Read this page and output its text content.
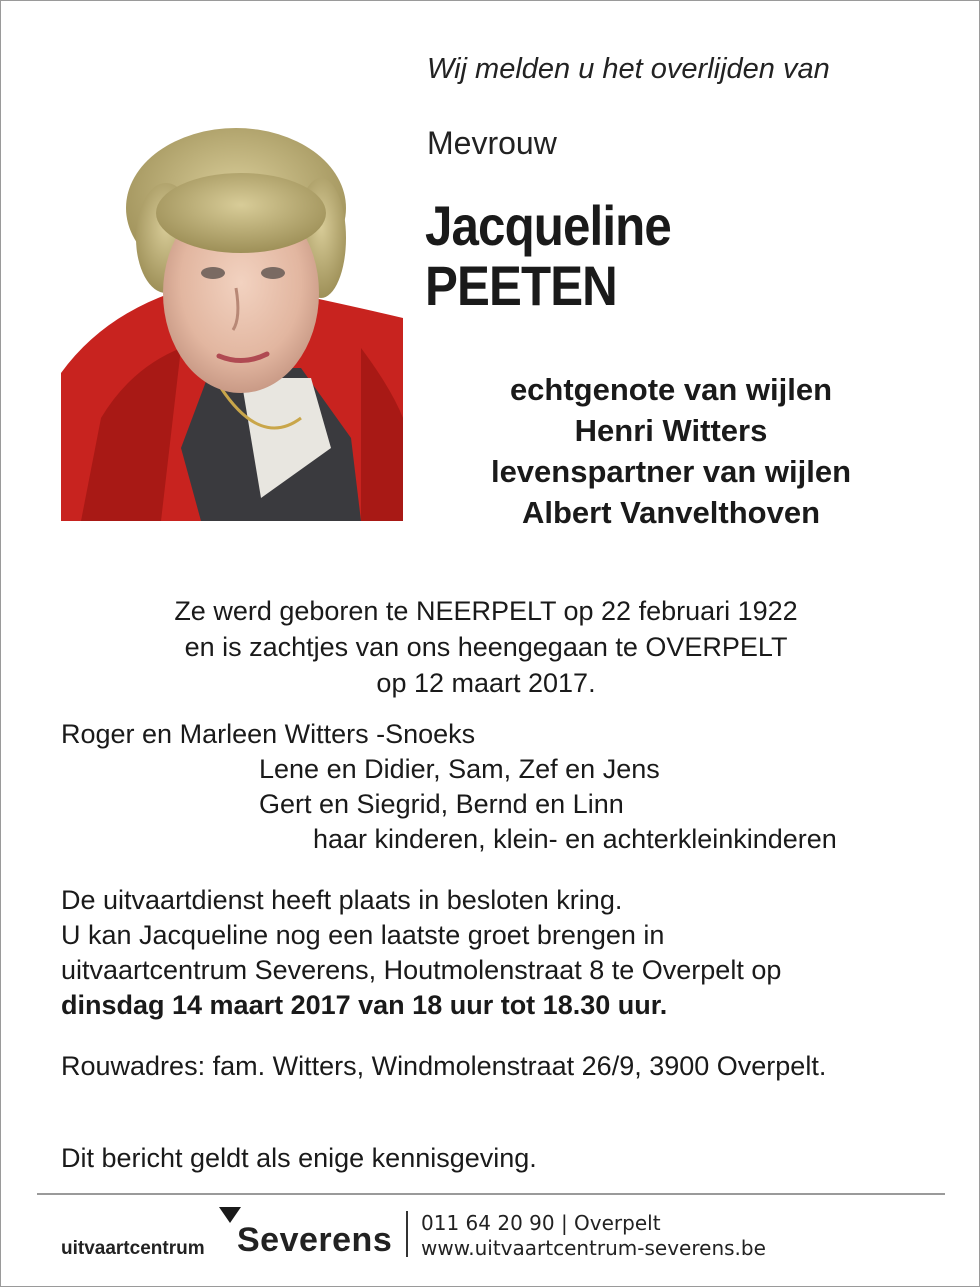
Wij melden u het overlijden van
Mevrouw
Jacqueline
PEETEN
echtgenote van wijlen
Henri Witters
levenspartner van wijlen
Albert Vanvelthoven
Ze werd geboren te NEERPELT op 22 februari 1922
en is zachtjes van ons heengegaan te OVERPELT
op 12 maart 2017.
Roger en Marleen Witters -Snoeks
Lene en Didier, Sam, Zef en Jens
Gert en Siegrid, Bernd en Linn
haar kinderen, klein- en achterkleinkinderen
De uitvaartdienst heeft plaats in besloten kring.
U kan Jacqueline nog een laatste groet brengen in
uitvaartcentrum Severens, Houtmolenstraat 8 te Overpelt op
dinsdag 14 maart 2017 van 18 uur tot 18.30 uur.
Rouwadres: fam. Witters, Windmolenstraat 26/9, 3900 Overpelt.
Dit bericht geldt als enige kennisgeving.
uitvaartcentrum Severens 011 64 20 90 | Overpelt
www.uitvaartcentrum-severens.be
